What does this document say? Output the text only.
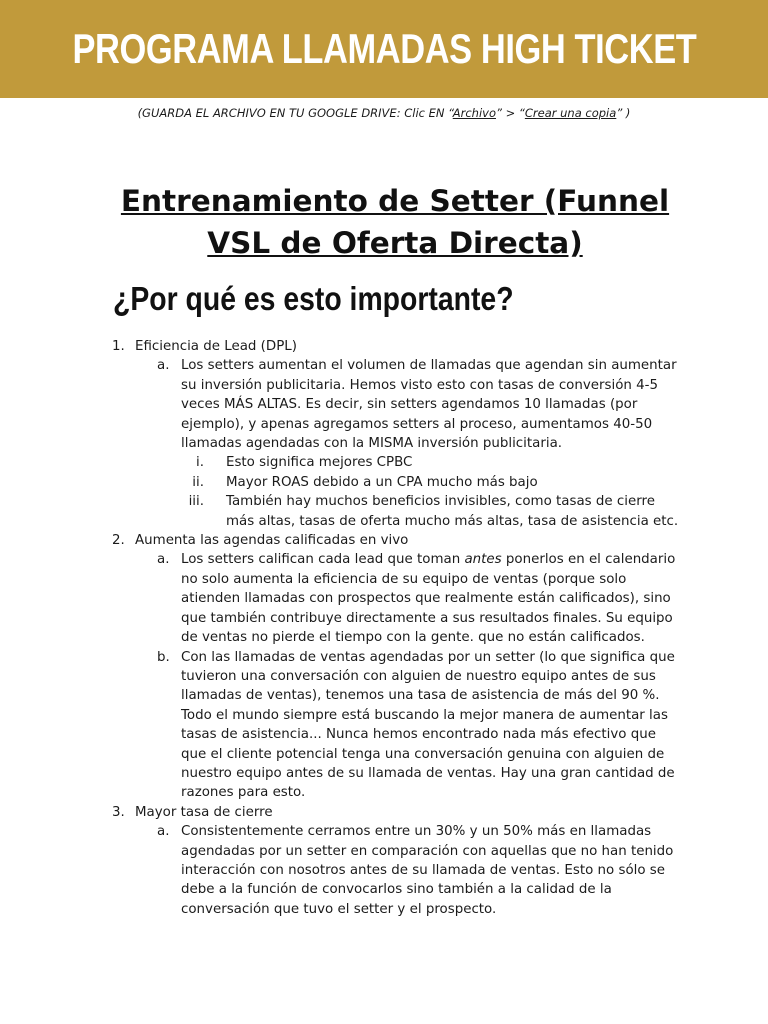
PROGRAMA LLAMADAS HIGH TICKET
(GUARDA EL ARCHIVO EN TU GOOGLE DRIVE: Clic EN “Archivo” > “Crear una copia” )
Entrenamiento de Setter (Funnel VSL de Oferta Directa)
¿Por qué es esto importante?
1. Eficiencia de Lead (DPL)
a. Los setters aumentan el volumen de llamadas que agendan sin aumentar su inversión publicitaria. Hemos visto esto con tasas de conversión 4-5 veces MÁS ALTAS. Es decir, sin setters agendamos 10 llamadas (por ejemplo), y apenas agregamos setters al proceso, aumentamos 40-50 llamadas agendadas con la MISMA inversión publicitaria.
i. Esto significa mejores CPBC
ii. Mayor ROAS debido a un CPA mucho más bajo
iii. También hay muchos beneficios invisibles, como tasas de cierre más altas, tasas de oferta mucho más altas, tasa de asistencia etc.
2. Aumenta las agendas calificadas en vivo
a. Los setters califican cada lead que toman antes ponerlos en el calendario no solo aumenta la eficiencia de su equipo de ventas (porque solo atienden llamadas con prospectos que realmente están calificados), sino que también contribuye directamente a sus resultados finales. Su equipo de ventas no pierde el tiempo con la gente. que no están calificados.
b. Con las llamadas de ventas agendadas por un setter (lo que significa que tuvieron una conversación con alguien de nuestro equipo antes de sus llamadas de ventas), tenemos una tasa de asistencia de más del 90 %. Todo el mundo siempre está buscando la mejor manera de aumentar las tasas de asistencia... Nunca hemos encontrado nada más efectivo que que el cliente potencial tenga una conversación genuina con alguien de nuestro equipo antes de su llamada de ventas. Hay una gran cantidad de razones para esto.
3. Mayor tasa de cierre
a. Consistentemente cerramos entre un 30% y un 50% más en llamadas agendadas por un setter en comparación con aquellas que no han tenido interacción con nosotros antes de su llamada de ventas. Esto no sólo se debe a la función de convocarlos sino también a la calidad de la conversación que tuvo el setter y el prospecto.
